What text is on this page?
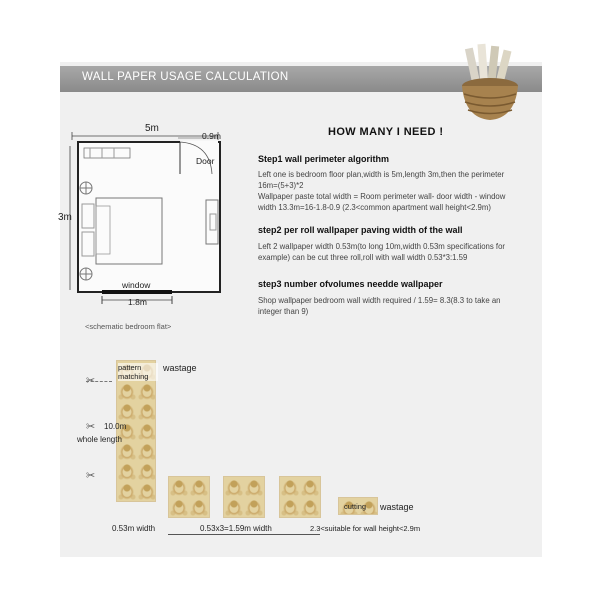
WALL PAPER USAGE CALCULATION
5m
0.9m
Door
3m
window
1.8m
<schematic bedroom flat>
HOW MANY I NEED !
Step1 wall perimeter algorithm
Left one is bedroom floor plan,width is 5m,length 3m,then the perimeter
16m=(5+3)*2
Wallpaper paste total width = Room perimeter wall- door width - window
width 13.3m=16-1.8-0.9 (2.3<common apartment wall height<2.9m)
step2 per roll wallpaper paving width of the wall
Left 2 wallpaper width 0.53m(to long 10m,width 0.53m specifications for
example) can be cut three roll,roll with wall width 0.53*3:1.59
step3 number ofvolumes needde wallpaper
Shop wallpaper bedroom wall width required / 1.59= 8.3(8.3 to take an
integer than 9)
pattern matching
wastage
✂
10.0m
✂
whole length
✂
cutting wastage
0.53m width	0.53x3=1.59m width	2.3<suitable for wall height<2.9m
